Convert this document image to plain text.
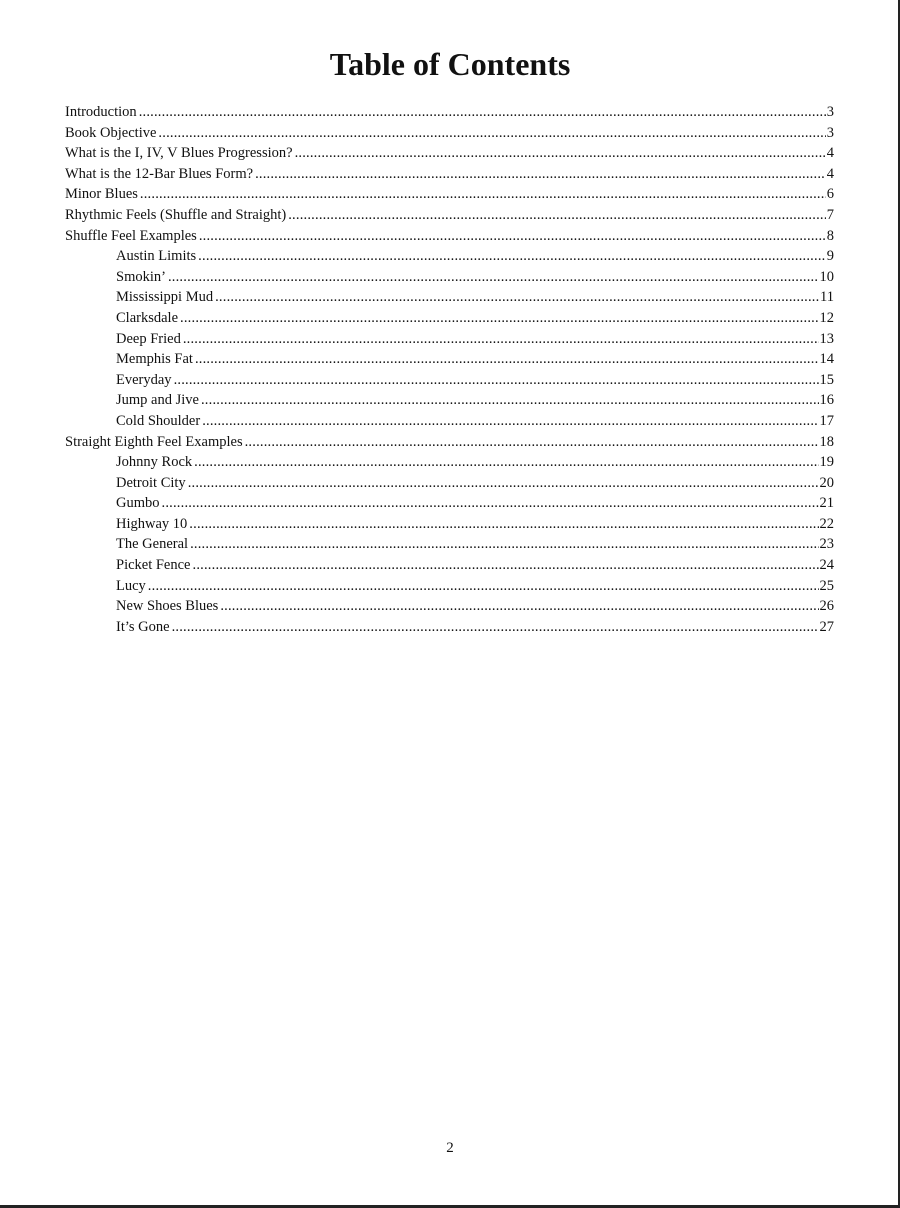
Table of Contents
Introduction .....	3
Book Objective .....	3
What is the I, IV, V Blues Progression? .....	4
What is the 12-Bar Blues Form? .....	4
Minor Blues .....	6
Rhythmic Feels (Shuffle and Straight) .....	7
Shuffle Feel Examples .....	8
Austin Limits .....	9
Smokin’ .....	10
Mississippi Mud .....	11
Clarksdale .....	12
Deep Fried .....	13
Memphis Fat .....	14
Everyday .....	15
Jump and Jive .....	16
Cold Shoulder .....	17
Straight Eighth Feel Examples .....	18
Johnny Rock .....	19
Detroit City .....	20
Gumbo .....	21
Highway 10 .....	22
The General .....	23
Picket Fence .....	24
Lucy .....	25
New Shoes Blues .....	26
It’s Gone .....	27
2
